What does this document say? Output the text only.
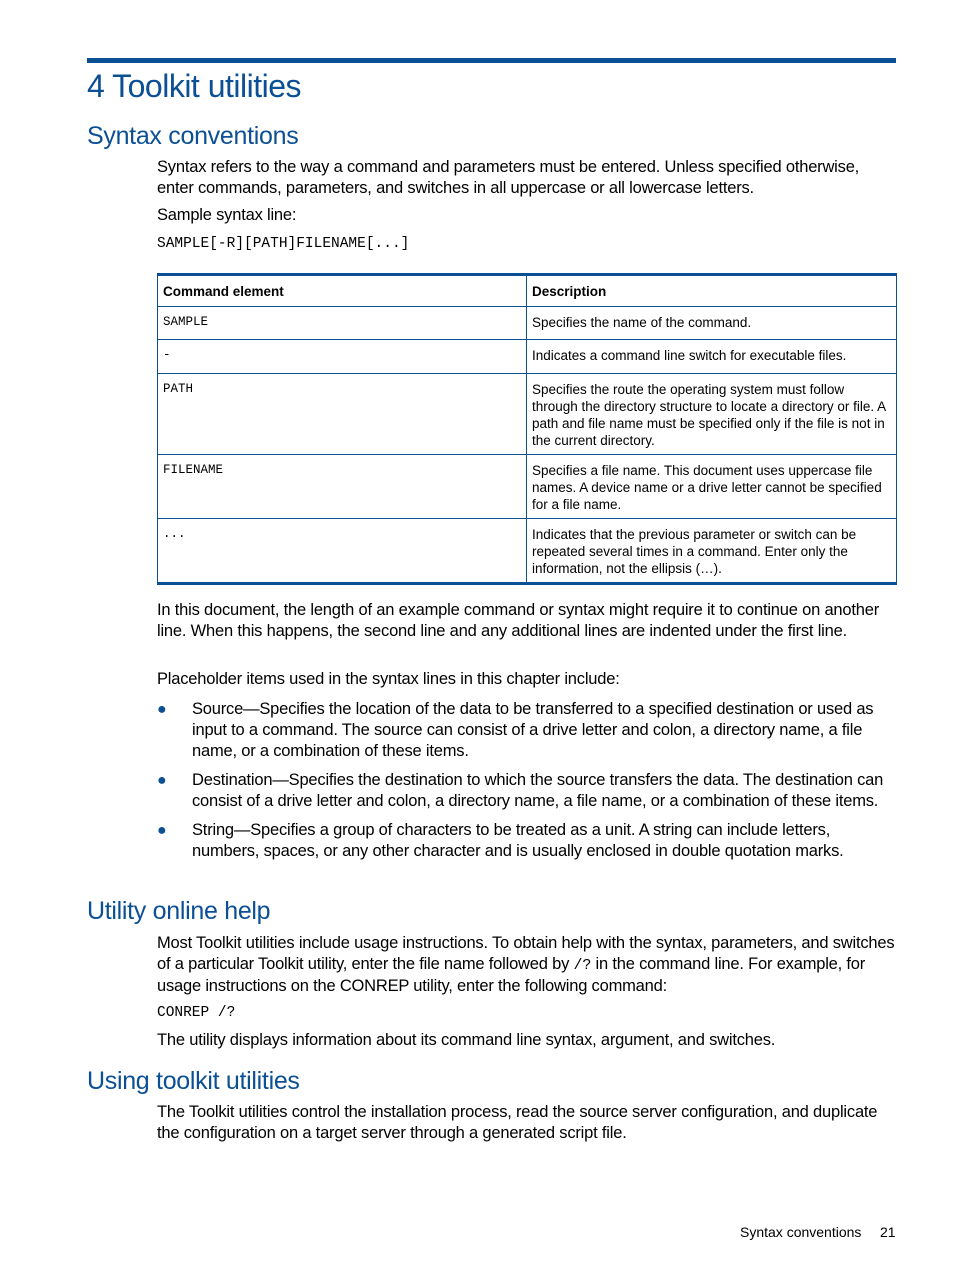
4 Toolkit utilities
Syntax conventions

Syntax refers to the way a command and parameters must be entered. Unless specified otherwise, enter commands, parameters, and switches in all uppercase or all lowercase letters.

Sample syntax line:

SAMPLE[-R][PATH]FILENAME[...]

Command element	Description
SAMPLE	Specifies the name of the command.
-	Indicates a command line switch for executable files.
PATH	Specifies the route the operating system must follow through the directory structure to locate a directory or file. A path and file name must be specified only if the file is not in the current directory.
FILENAME	Specifies a file name. This document uses uppercase file names. A device name or a drive letter cannot be specified for a file name.
...	Indicates that the previous parameter or switch can be repeated several times in a command. Enter only the information, not the ellipsis (…).

In this document, the length of an example command or syntax might require it to continue on another line. When this happens, the second line and any additional lines are indented under the first line.

Placeholder items used in the syntax lines in this chapter include:

● Source—Specifies the location of the data to be transferred to a specified destination or used as input to a command. The source can consist of a drive letter and colon, a directory name, a file name, or a combination of these items.
● Destination—Specifies the destination to which the source transfers the data. The destination can consist of a drive letter and colon, a directory name, a file name, or a combination of these items.
● String—Specifies a group of characters to be treated as a unit. A string can include letters, numbers, spaces, or any other character and is usually enclosed in double quotation marks.
Utility online help

Most Toolkit utilities include usage instructions. To obtain help with the syntax, parameters, and switches of a particular Toolkit utility, enter the file name followed by /? in the command line. For example, for usage instructions on the CONREP utility, enter the following command:

CONREP /?

The utility displays information about its command line syntax, argument, and switches.

Using toolkit utilities

The Toolkit utilities control the installation process, read the source server configuration, and duplicate the configuration on a target server through a generated script file.

Syntax conventions 21
